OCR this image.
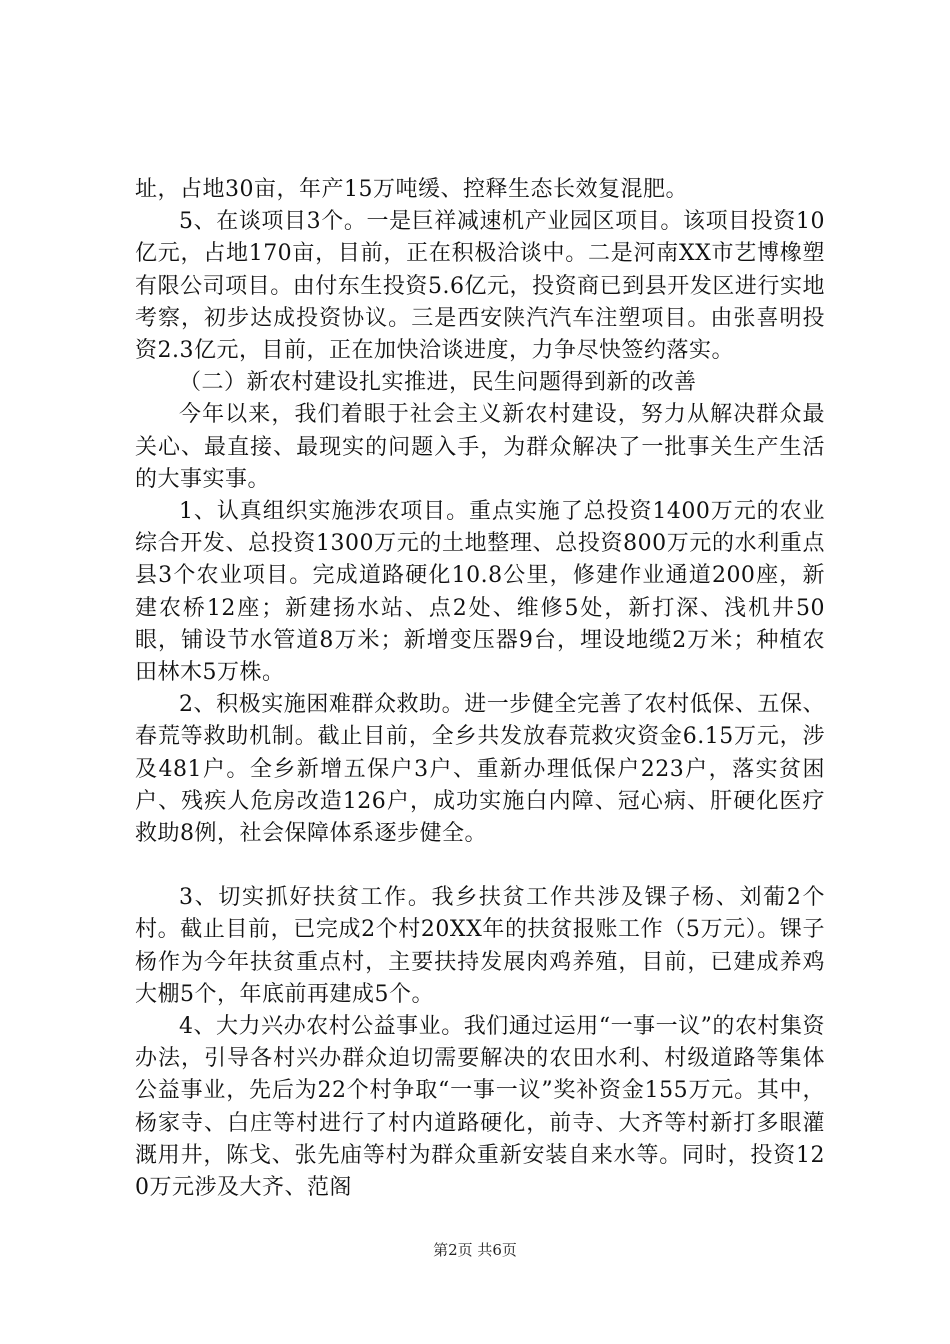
址，占地30亩，年产15万吨缓、控释生态长效复混肥。

5、在谈项目3个。一是巨祥减速机产业园区项目。该项目投资10亿元，占地170亩，目前，正在积极洽谈中。二是河南XX市艺博橡塑有限公司项目。由付东生投资5.6亿元，投资商已到县开发区进行实地考察，初步达成投资协议。三是西安陕汽汽车注塑项目。由张喜明投资2.3亿元，目前，正在加快洽谈进度，力争尽快签约落实。

（二）新农村建设扎实推进，民生问题得到新的改善

今年以来，我们着眼于社会主义新农村建设，努力从解决群众最关心、最直接、最现实的问题入手，为群众解决了一批事关生产生活的大事实事。

1、认真组织实施涉农项目。重点实施了总投资1400万元的农业综合开发、总投资1300万元的土地整理、总投资800万元的水利重点县3个农业项目。完成道路硬化10.8公里，修建作业通道200座，新建农桥12座；新建扬水站、点2处、维修5处，新打深、浅机井50眼，铺设节水管道8万米；新增变压器9台，埋设地缆2万米；种植农田林木5万株。

2、积极实施困难群众救助。进一步健全完善了农村低保、五保、春荒等救助机制。截止目前，全乡共发放春荒救灾资金6.15万元，涉及481户。全乡新增五保户3户、重新办理低保户223户，落实贫困户、残疾人危房改造126户，成功实施白内障、冠心病、肝硬化医疗救助8例，社会保障体系逐步健全。

3、切实抓好扶贫工作。我乡扶贫工作共涉及锞子杨、刘葡2个村。截止目前，已完成2个村20XX年的扶贫报账工作（5万元）。锞子杨作为今年扶贫重点村，主要扶持发展肉鸡养殖，目前，已建成养鸡大棚5个，年底前再建成5个。

4、大力兴办农村公益事业。我们通过运用“一事一议”的农村集资办法，引导各村兴办群众迫切需要解决的农田水利、村级道路等集体公益事业，先后为22个村争取“一事一议”奖补资金155万元。其中，杨家寺、白庄等村进行了村内道路硬化，前寺、大齐等村新打多眼灌溉用井，陈戈、张先庙等村为群众重新安装自来水等。同时，投资120万元涉及大齐、范阁

第2页 共6页
